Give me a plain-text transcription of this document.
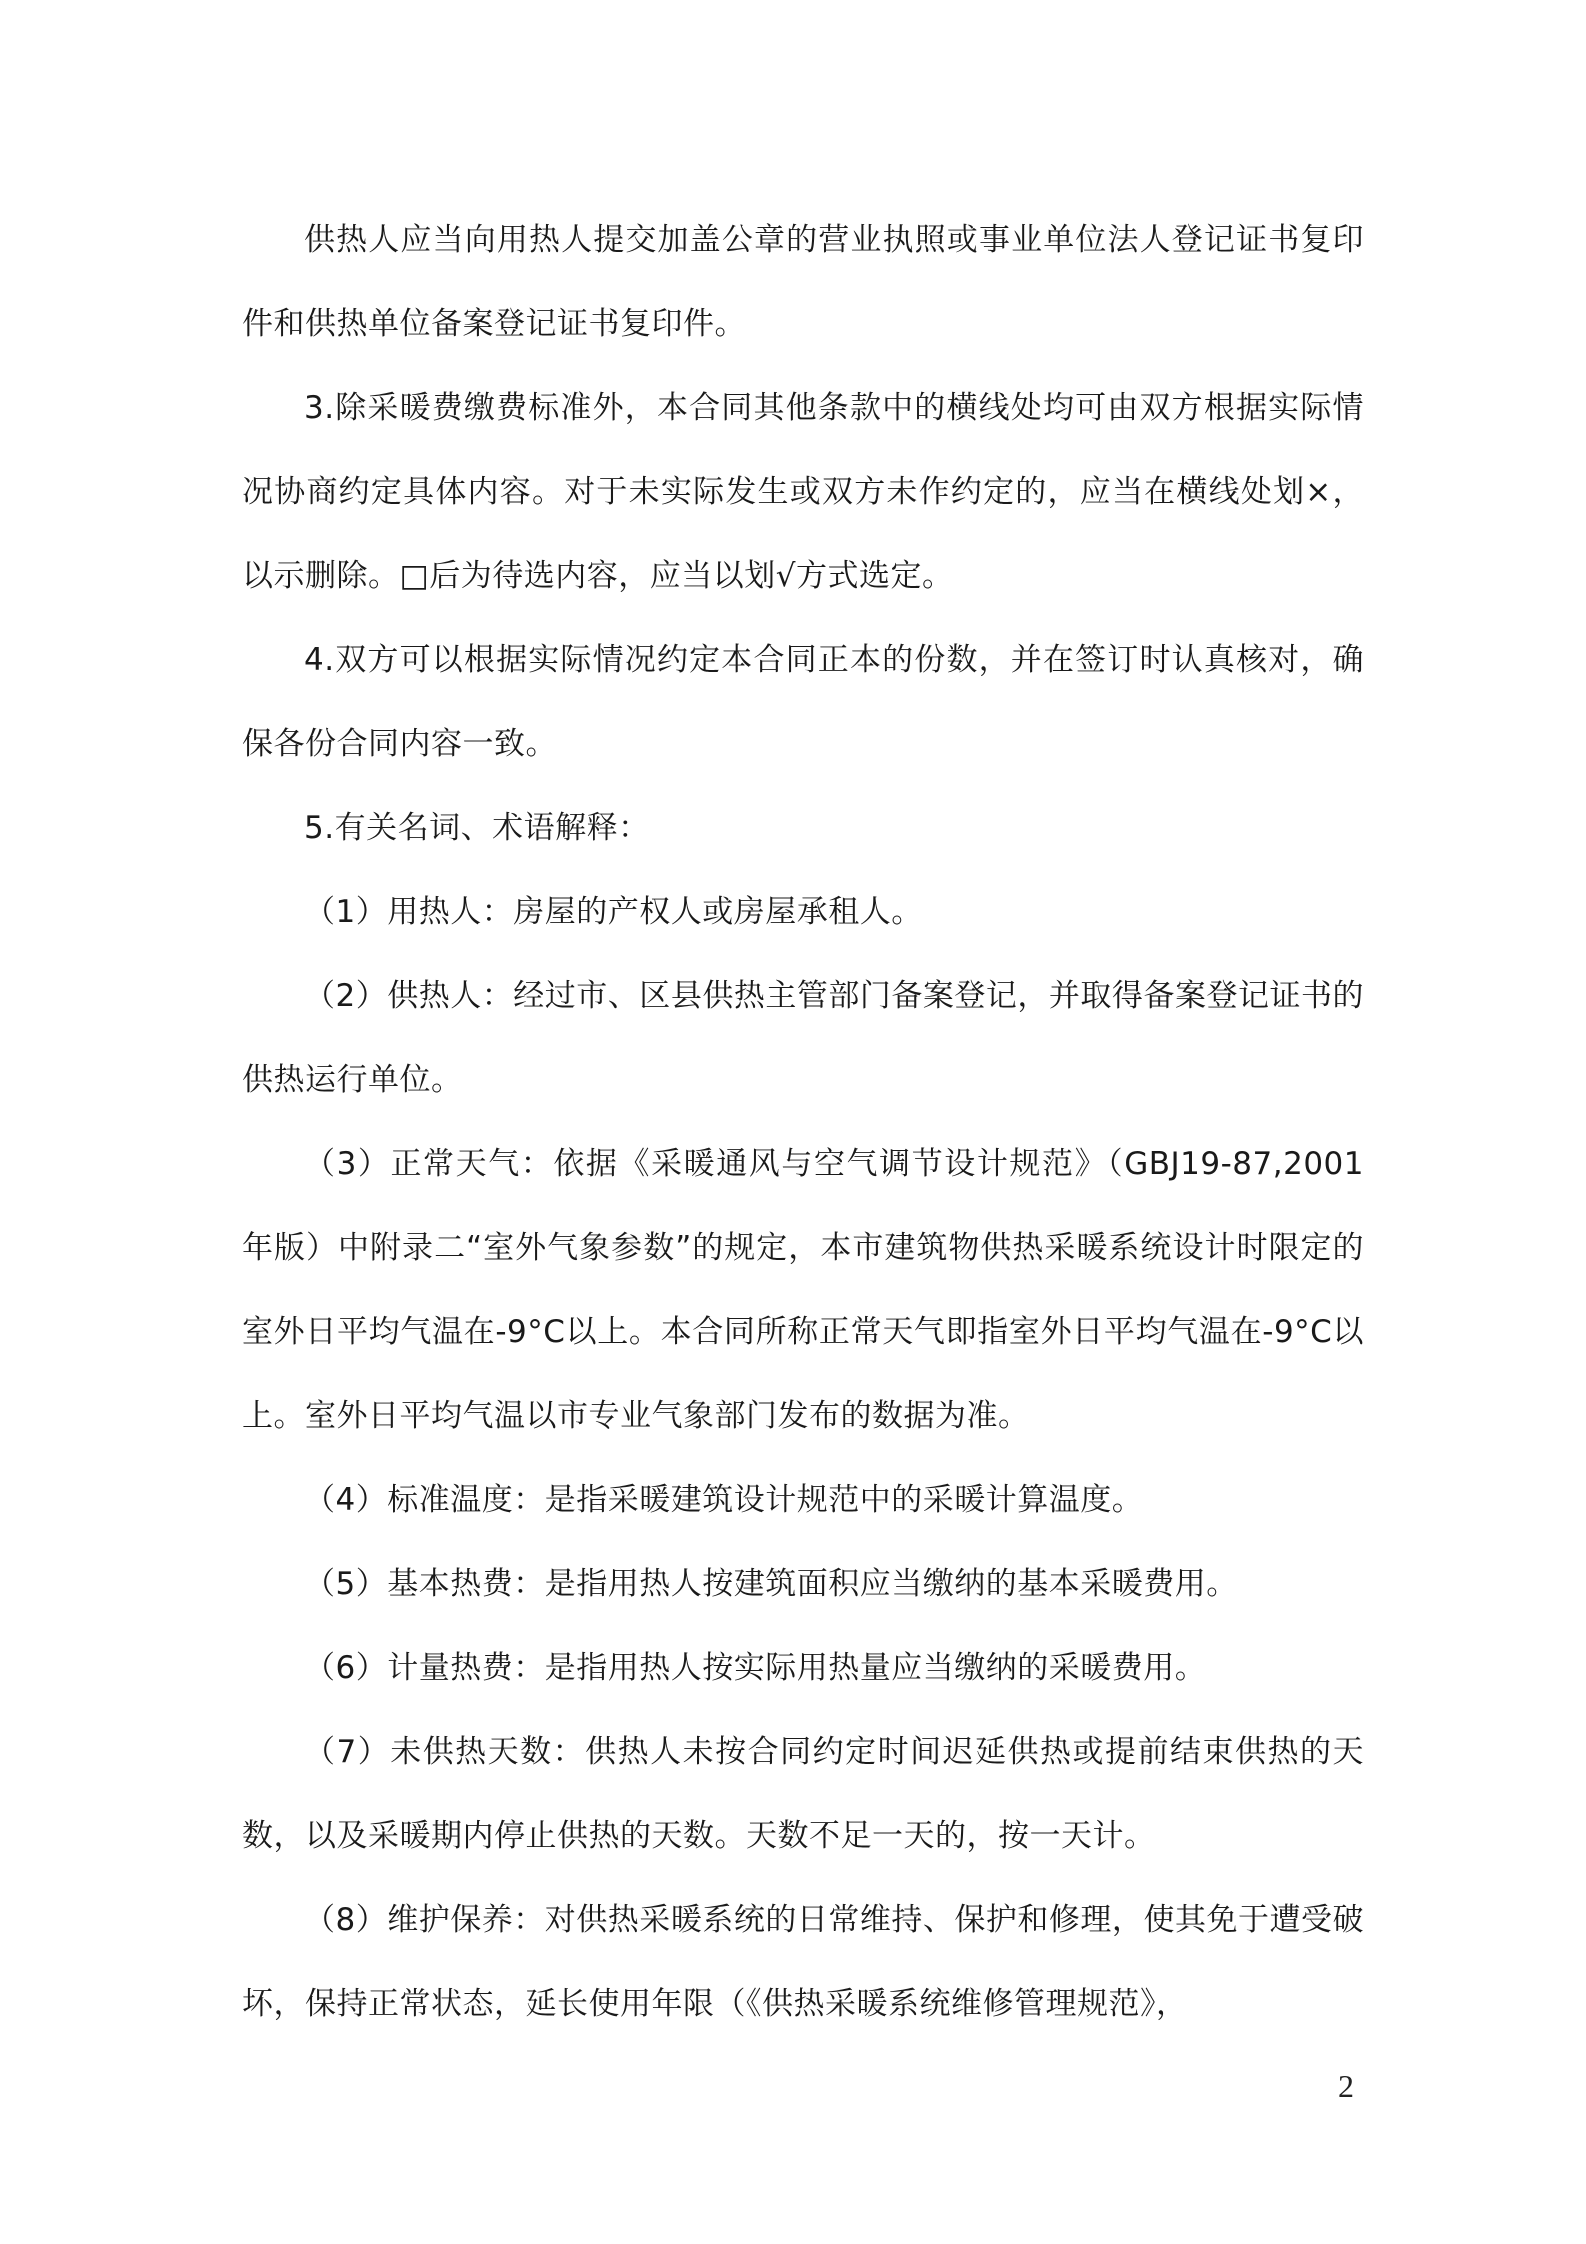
供热人应当向用热人提交加盖公章的营业执照或事业单位法人登记证书复印件和供热单位备案登记证书复印件。

3.除采暖费缴费标准外，本合同其他条款中的横线处均可由双方根据实际情况协商约定具体内容。对于未实际发生或双方未作约定的，应当在横线处划×，以示删除。□后为待选内容，应当以划√方式选定。

4.双方可以根据实际情况约定本合同正本的份数，并在签订时认真核对，确保各份合同内容一致。

5.有关名词、术语解释：

（1）用热人：房屋的产权人或房屋承租人。

（2）供热人：经过市、区县供热主管部门备案登记，并取得备案登记证书的供热运行单位。

（3）正常天气：依据《采暖通风与空气调节设计规范》（GBJ19-87,2001年版）中附录二“室外气象参数”的规定，本市建筑物供热采暖系统设计时限定的室外日平均气温在-9°C以上。本合同所称正常天气即指室外日平均气温在-9°C以上。室外日平均气温以市专业气象部门发布的数据为准。

（4）标准温度：是指采暖建筑设计规范中的采暖计算温度。

（5）基本热费：是指用热人按建筑面积应当缴纳的基本采暖费用。

（6）计量热费：是指用热人按实际用热量应当缴纳的采暖费用。

（7）未供热天数：供热人未按合同约定时间迟延供热或提前结束供热的天数，以及采暖期内停止供热的天数。天数不足一天的，按一天计。

（8）维护保养：对供热采暖系统的日常维持、保护和修理，使其免于遭受破坏，保持正常状态，延长使用年限（《供热采暖系统维修管理规范》，

2
